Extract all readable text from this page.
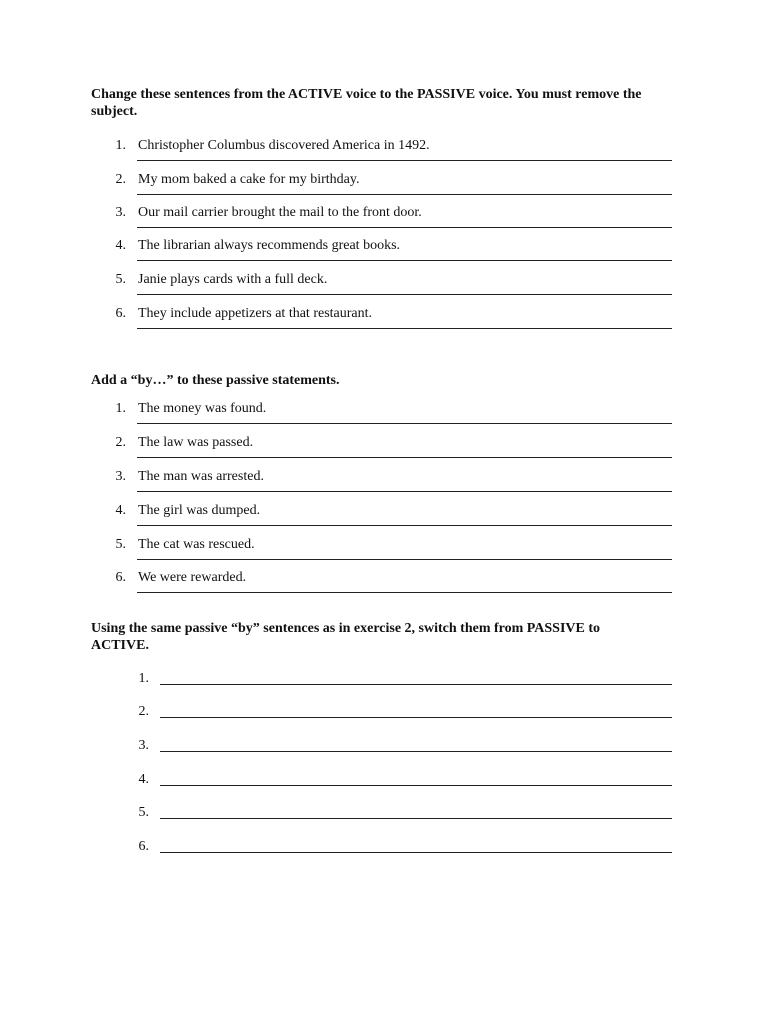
Change these sentences from the ACTIVE voice to the PASSIVE voice. You must remove the subject.

1. Christopher Columbus discovered America in 1492.
2. My mom baked a cake for my birthday.
3. Our mail carrier brought the mail to the front door.
4. The librarian always recommends great books.
5. Janie plays cards with a full deck.
6. They include appetizers at that restaurant.

Add a “by…” to these passive statements.

1. The money was found.
2. The law was passed.
3. The man was arrested.
4. The girl was dumped.
5. The cat was rescued.
6. We were rewarded.

Using the same passive “by” sentences as in exercise 2, switch them from PASSIVE to ACTIVE.

1.
2.
3.
4.
5.
6.
